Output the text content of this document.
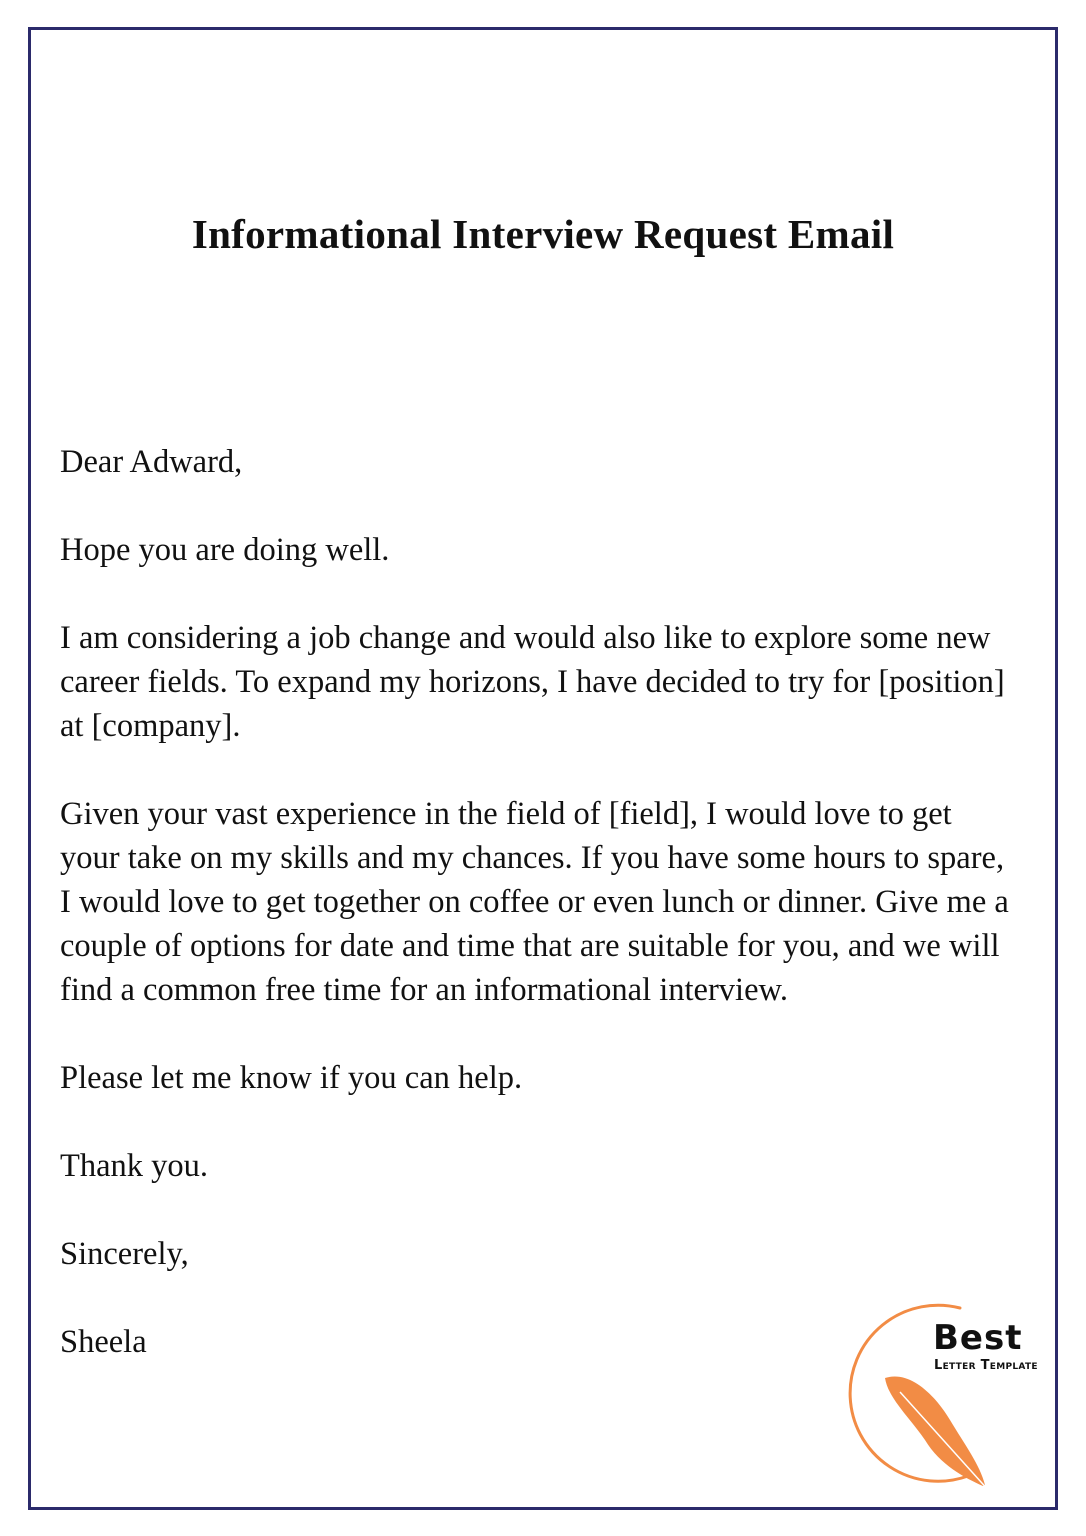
Informational Interview Request Email
Dear Adward,
Hope you are doing well.
I am considering a job change and would also like to explore some new
career fields. To expand my horizons, I have decided to try for [position]
at [company].
Given your vast experience in the field of [field], I would love to get
your take on my skills and my chances. If you have some hours to spare,
I would love to get together on coffee or even lunch or dinner. Give me a
couple of options for date and time that are suitable for you, and we will
find a common free time for an informational interview.
Please let me know if you can help.
Thank you.
Sincerely,
Sheela	Best
Letter Template
